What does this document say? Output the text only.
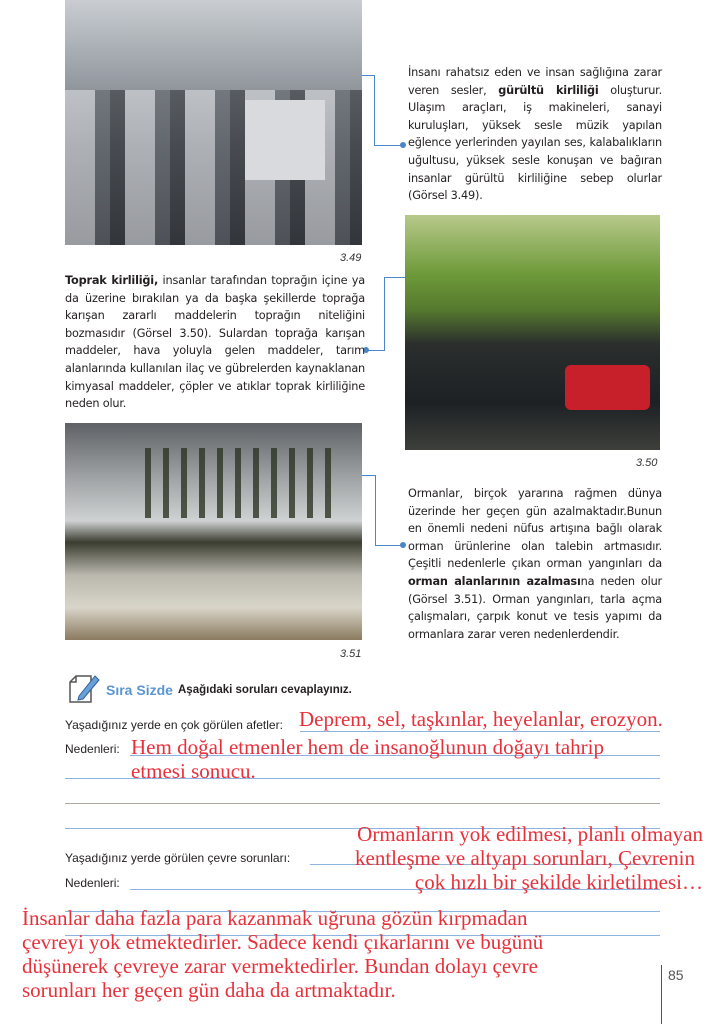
3.49
İnsanı rahatsız eden ve insan sağlığına zarar veren sesler, gürültü kirliliği oluşturur. Ulaşım araçları, iş makineleri, sanayi kuruluşları, yüksek sesle müzik yapılan eğlence yerlerinden yayılan ses, kalabalıkların uğultusu, yüksek sesle konuşan ve bağıran insanlar gürültü kirliliğine sebep olurlar (Görsel 3.49).
3.50
Toprak kirliliği, insanlar tarafından toprağın içine ya da üzerine bırakılan ya da başka şekillerde toprağa karışan zararlı maddelerin toprağın niteliğini bozmasıdır (Görsel 3.50). Sulardan toprağa karışan maddeler, hava yoluyla gelen maddeler, tarım alanlarında kullanılan ilaç ve gübrelerden kaynaklanan kimyasal maddeler, çöpler ve atıklar toprak kirliliğine neden olur.
3.51
Ormanlar, birçok yararına rağmen dünya üzerinde her geçen gün azalmaktadır.Bunun en önemli nedeni nüfus artışına bağlı olarak orman ürünlerine olan talebin artmasıdır. Çeşitli nedenlerle çıkan orman yangınları da orman alanlarının azalmasına neden olur (Görsel 3.51). Orman yangınları, tarla açma çalışmaları, çarpık konut ve tesis yapımı da ormanlara zarar veren nedenlerdendir.
Sıra Sizde Aşağıdaki soruları cevaplayınız.
Yaşadığınız yerde en çok görülen afetler:
Nedenleri:
Yaşadığınız yerde görülen çevre sorunları:
Nedenleri:
Deprem, sel, taşkınlar, heyelanlar, erozyon.
Hem doğal etmenler hem de insanoğlunun doğayı tahrip
etmesi sonucu.
Ormanların yok edilmesi, planlı olmayan
kentleşme ve altyapı sorunları, Çevrenin
çok hızlı bir şekilde kirletilmesi…
İnsanlar daha fazla para kazanmak uğruna gözün kırpmadan
çevreyi yok etmektedirler. Sadece kendi çıkarlarını ve bugünü
düşünerek çevreye zarar vermektedirler. Bundan dolayı çevre
sorunları her geçen gün daha da artmaktadır.
85
